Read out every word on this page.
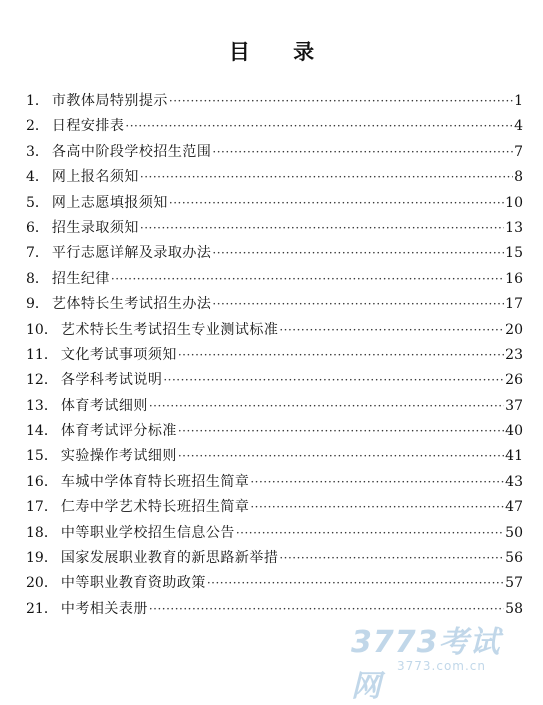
目 录
1． 市教体局特别提示 ·····	1
2． 日程安排表 ·····	4
3． 各高中阶段学校招生范围 ·····	7
4． 网上报名须知 ·····	8
5． 网上志愿填报须知 ·····	10
6． 招生录取须知 ·····	13
7． 平行志愿详解及录取办法 ·····	15
8． 招生纪律 ·····	16
9． 艺体特长生考试招生办法 ·····	17
10． 艺术特长生考试招生专业测试标准 ·····	20
11． 文化考试事项须知 ·····	23
12． 各学科考试说明 ·····	26
13． 体育考试细则 ·····	37
14． 体育考试评分标准 ·····	40
15． 实验操作考试细则 ·····	41
16． 车城中学体育特长班招生简章 ·····	43
17． 仁寿中学艺术特长班招生简章 ·····	47
18． 中等职业学校招生信息公告 ·····	50
19． 国家发展职业教育的新思路新举措 ·····	56
20． 中等职业教育资助政策 ·····	57
21． 中考相关表册 ·····	58
3773考试网
3773.com.cn
